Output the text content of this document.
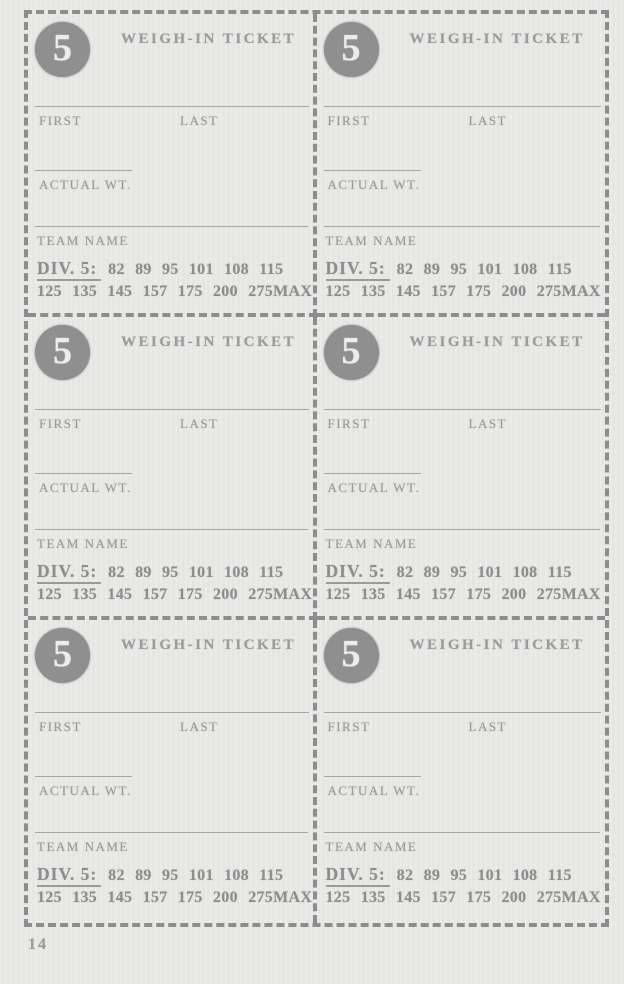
5	WEIGH-IN TICKET
FIRST	LAST
ACTUAL WT.
TEAM NAME
DIV. 5: 82 89 95 101 108 115
125 135 145 157 175 200 275MAX
5	WEIGH-IN TICKET
FIRST	LAST
ACTUAL WT.
TEAM NAME
DIV. 5: 82 89 95 101 108 115
125 135 145 157 175 200 275MAX
5	WEIGH-IN TICKET
FIRST	LAST
ACTUAL WT.
TEAM NAME
DIV. 5: 82 89 95 101 108 115
125 135 145 157 175 200 275MAX
5	WEIGH-IN TICKET
FIRST	LAST
ACTUAL WT.
TEAM NAME
DIV. 5: 82 89 95 101 108 115
125 135 145 157 175 200 275MAX
5	WEIGH-IN TICKET
FIRST	LAST
ACTUAL WT.
TEAM NAME
DIV. 5: 82 89 95 101 108 115
125 135 145 157 175 200 275MAX
5	WEIGH-IN TICKET
FIRST	LAST
ACTUAL WT.
TEAM NAME
DIV. 5: 82 89 95 101 108 115
125 135 145 157 175 200 275MAX
14
